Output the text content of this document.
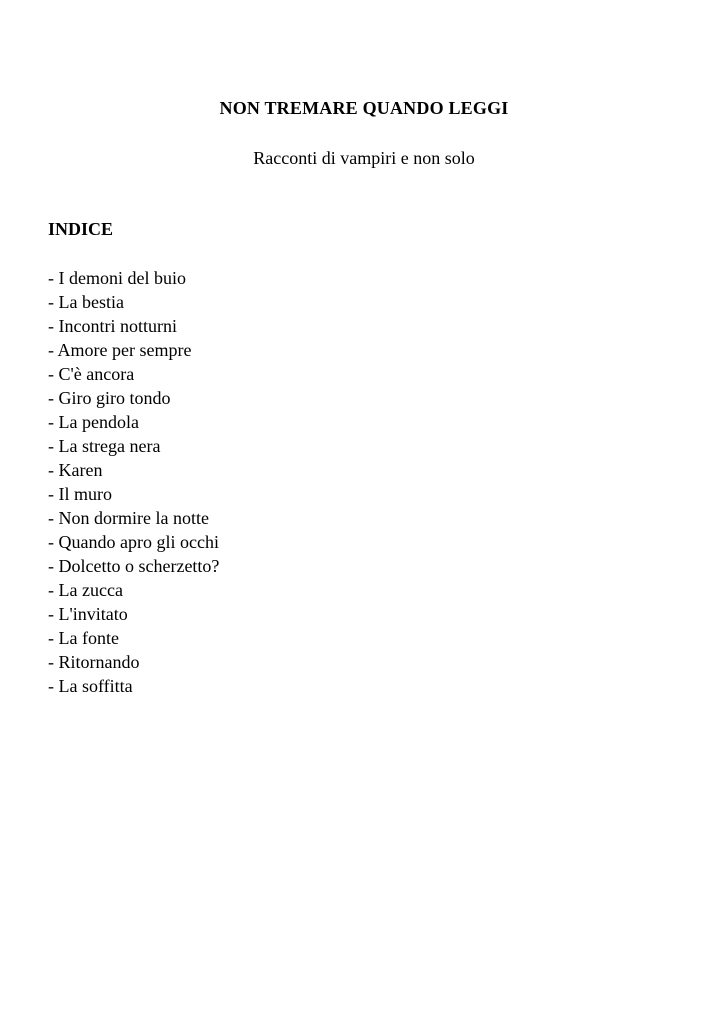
NON TREMARE QUANDO LEGGI
Racconti di vampiri e non solo
INDICE
- I demoni del buio
- La bestia
- Incontri notturni
- Amore per sempre
- C'è ancora
- Giro giro tondo
- La pendola
- La strega nera
- Karen
- Il muro
- Non dormire la notte
- Quando apro gli occhi
- Dolcetto o scherzetto?
- La zucca
- L'invitato
- La fonte
- Ritornando
- La soffitta
